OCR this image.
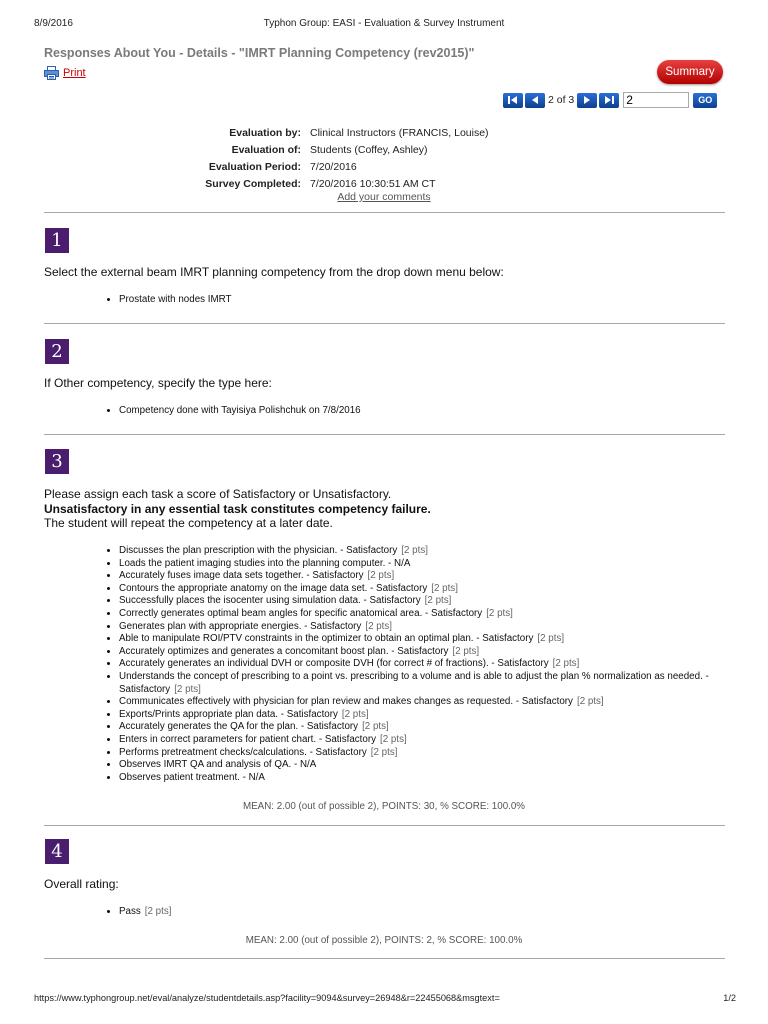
8/9/2016	Typhon Group: EASI - Evaluation & Survey Instrument
Responses About You - Details - "IMRT Planning Competency (rev2015)"
Print	Summary
2 of 3
2	GO
Evaluation by: Clinical Instructors (FRANCIS, Louise)
Evaluation of: Students (Coffey, Ashley)
Evaluation Period: 7/20/2016
Survey Completed: 7/20/2016 10:30:51 AM CT
Add your comments
1
Select the external beam IMRT planning competency from the drop down menu below:
• Prostate with nodes IMRT
2
If Other competency, specify the type here:
• Competency done with Tayisiya Polishchuk on 7/8/2016
3
Please assign each task a score of Satisfactory or Unsatisfactory.
Unsatisfactory in any essential task constitutes competency failure.
The student will repeat the competency at a later date.
• Discusses the plan prescription with the physician. - Satisfactory [2 pts]
• Loads the patient imaging studies into the planning computer. - N/A
• Accurately fuses image data sets together. - Satisfactory [2 pts]
• Contours the appropriate anatomy on the image data set. - Satisfactory [2 pts]
• Successfully places the isocenter using simulation data. - Satisfactory [2 pts]
• Correctly generates optimal beam angles for specific anatomical area. - Satisfactory [2 pts]
• Generates plan with appropriate energies. - Satisfactory [2 pts]
• Able to manipulate ROI/PTV constraints in the optimizer to obtain an optimal plan. - Satisfactory [2 pts]
• Accurately optimizes and generates a concomitant boost plan. - Satisfactory [2 pts]
• Accurately generates an individual DVH or composite DVH (for correct # of fractions). - Satisfactory [2 pts]
• Understands the concept of prescribing to a point vs. prescribing to a volume and is able to adjust the plan % normalization as needed. - Satisfactory [2 pts]
• Communicates effectively with physician for plan review and makes changes as requested. - Satisfactory [2 pts]
• Exports/Prints appropriate plan data. - Satisfactory [2 pts]
• Accurately generates the QA for the plan. - Satisfactory [2 pts]
• Enters in correct parameters for patient chart. - Satisfactory [2 pts]
• Performs pretreatment checks/calculations. - Satisfactory [2 pts]
• Observes IMRT QA and analysis of QA. - N/A
• Observes patient treatment. - N/A
MEAN: 2.00 (out of possible 2), POINTS: 30, % SCORE: 100.0%
4
Overall rating:
• Pass [2 pts]
MEAN: 2.00 (out of possible 2), POINTS: 2, % SCORE: 100.0%
https://www.typhongroup.net/eval/analyze/studentdetails.asp?facility=9094&survey=26948&r=22455068&msgtext=	1/2
